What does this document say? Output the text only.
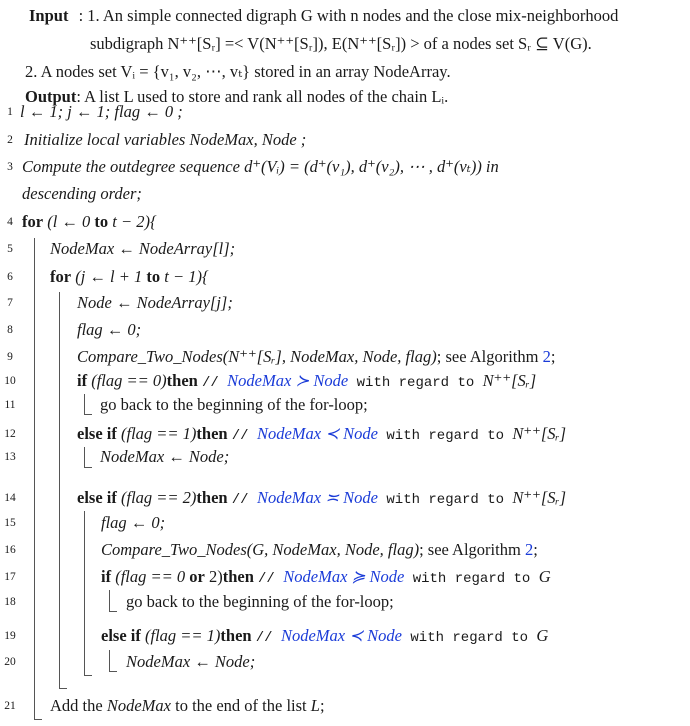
Input : 1. An simple connected digraph G with n nodes and the close mix-neighborhood
subdigraph N⁺⁺[Sᵣ] =< V(N⁺⁺[Sᵣ]), E(N⁺⁺[Sᵣ]) > of a nodes set Sᵣ ⊆ V(G).
2. A nodes set Vᵢ = {v₁, v₂, ⋯, vₜ} stored in an array NodeArray.
Output: A list L used to store and rank all nodes of the chain Lᵢ.
1 l ← 1; j ← 1; flag ← 0 ;
2 Initialize local variables NodeMax, Node ;
3 Compute the outdegree sequence d⁺(Vᵢ) = (d⁺(v₁), d⁺(v₂), ⋯ , d⁺(vₜ)) in
descending order;
4 for (l ← 0 to t − 2){
5 NodeMax ← NodeArray[l];
6 for (j ← l + 1 to t − 1){
7	Node ← NodeArray[j];
8	flag ← 0;
9	Compare_Two_Nodes(N⁺⁺[Sᵣ], NodeMax, Node, flag); see Algorithm 2;
10	if (flag == 0)then // NodeMax ≻ Node with regard to N⁺⁺[Sᵣ]
11	go back to the beginning of the for-loop;
12	else if (flag == 1)then // NodeMax ≺ Node with regard to N⁺⁺[Sᵣ]
13	NodeMax ← Node;
14	else if (flag == 2)then // NodeMax ≍ Node with regard to N⁺⁺[Sᵣ]
15	flag ← 0;
16	Compare_Two_Nodes(G, NodeMax, Node, flag); see Algorithm 2;
17	if (flag == 0 or 2)then // NodeMax ≽ Node with regard to G
18	go back to the beginning of the for-loop;
19	else if (flag == 1)then // NodeMax ≺ Node with regard to G
20	NodeMax ← Node;
21 Add the NodeMax to the end of the list L;
